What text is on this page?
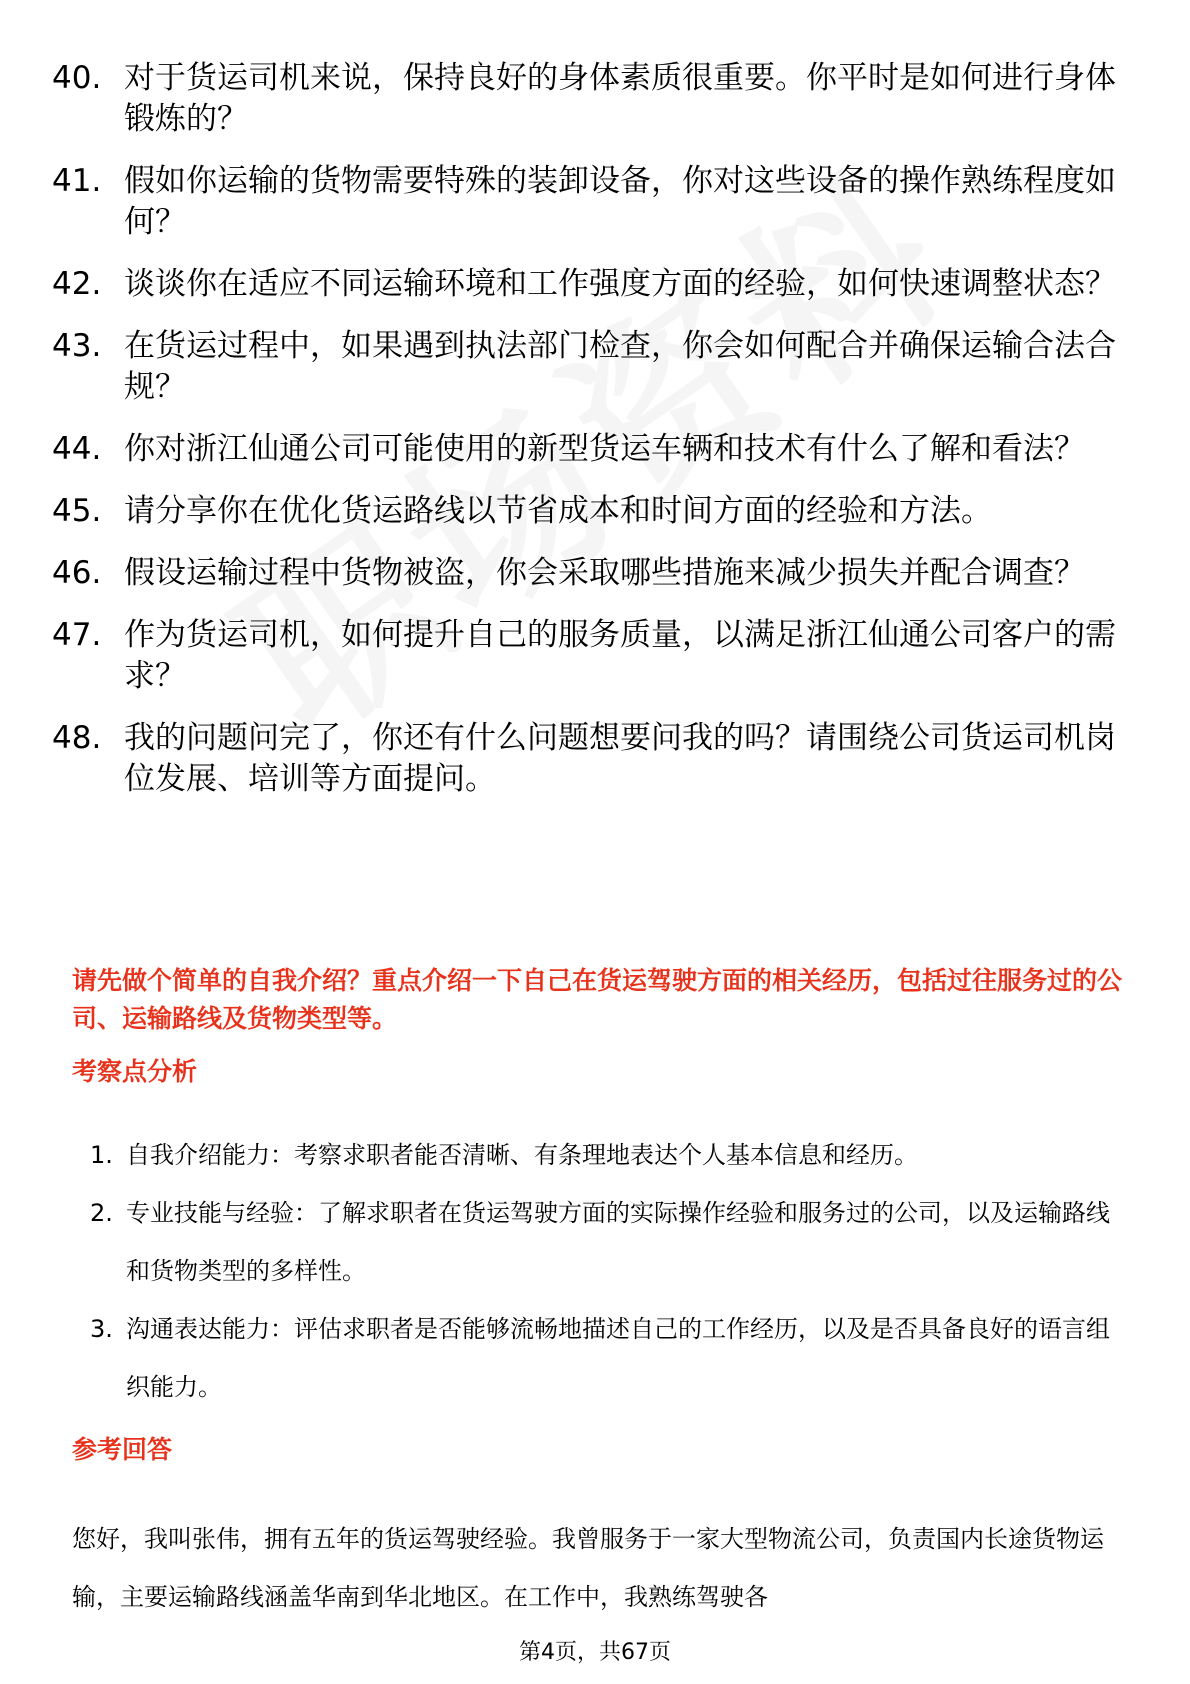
40. 对于货运司机来说，保持良好的身体素质很重要。你平时是如何进行身体锻炼的？
41. 假如你运输的货物需要特殊的装卸设备，你对这些设备的操作熟练程度如何？
42. 谈谈你在适应不同运输环境和工作强度方面的经验，如何快速调整状态？
43. 在货运过程中，如果遇到执法部门检查，你会如何配合并确保运输合法合规？
44. 你对浙江仙通公司可能使用的新型货运车辆和技术有什么了解和看法？
45. 请分享你在优化货运路线以节省成本和时间方面的经验和方法。
46. 假设运输过程中货物被盗，你会采取哪些措施来减少损失并配合调查？
47. 作为货运司机，如何提升自己的服务质量，以满足浙江仙通公司客户的需求？
48. 我的问题问完了，你还有什么问题想要问我的吗？请围绕公司货运司机岗位发展、培训等方面提问。
请先做个简单的自我介绍？重点介绍一下自己在货运驾驶方面的相关经历，包括过往服务过的公司、运输路线及货物类型等。
考察点分析
1. 自我介绍能力：考察求职者能否清晰、有条理地表达个人基本信息和经历。
2. 专业技能与经验：了解求职者在货运驾驶方面的实际操作经验和服务过的公司，以及运输路线和货物类型的多样性。
3. 沟通表达能力：评估求职者是否能够流畅地描述自己的工作经历，以及是否具备良好的语言组织能力。
参考回答
您好，我叫张伟，拥有五年的货运驾驶经验。我曾服务于一家大型物流公司，负责国内长途货物运输，主要运输路线涵盖华南到华北地区。在工作中，我熟练驾驶各
第4页，共67页
